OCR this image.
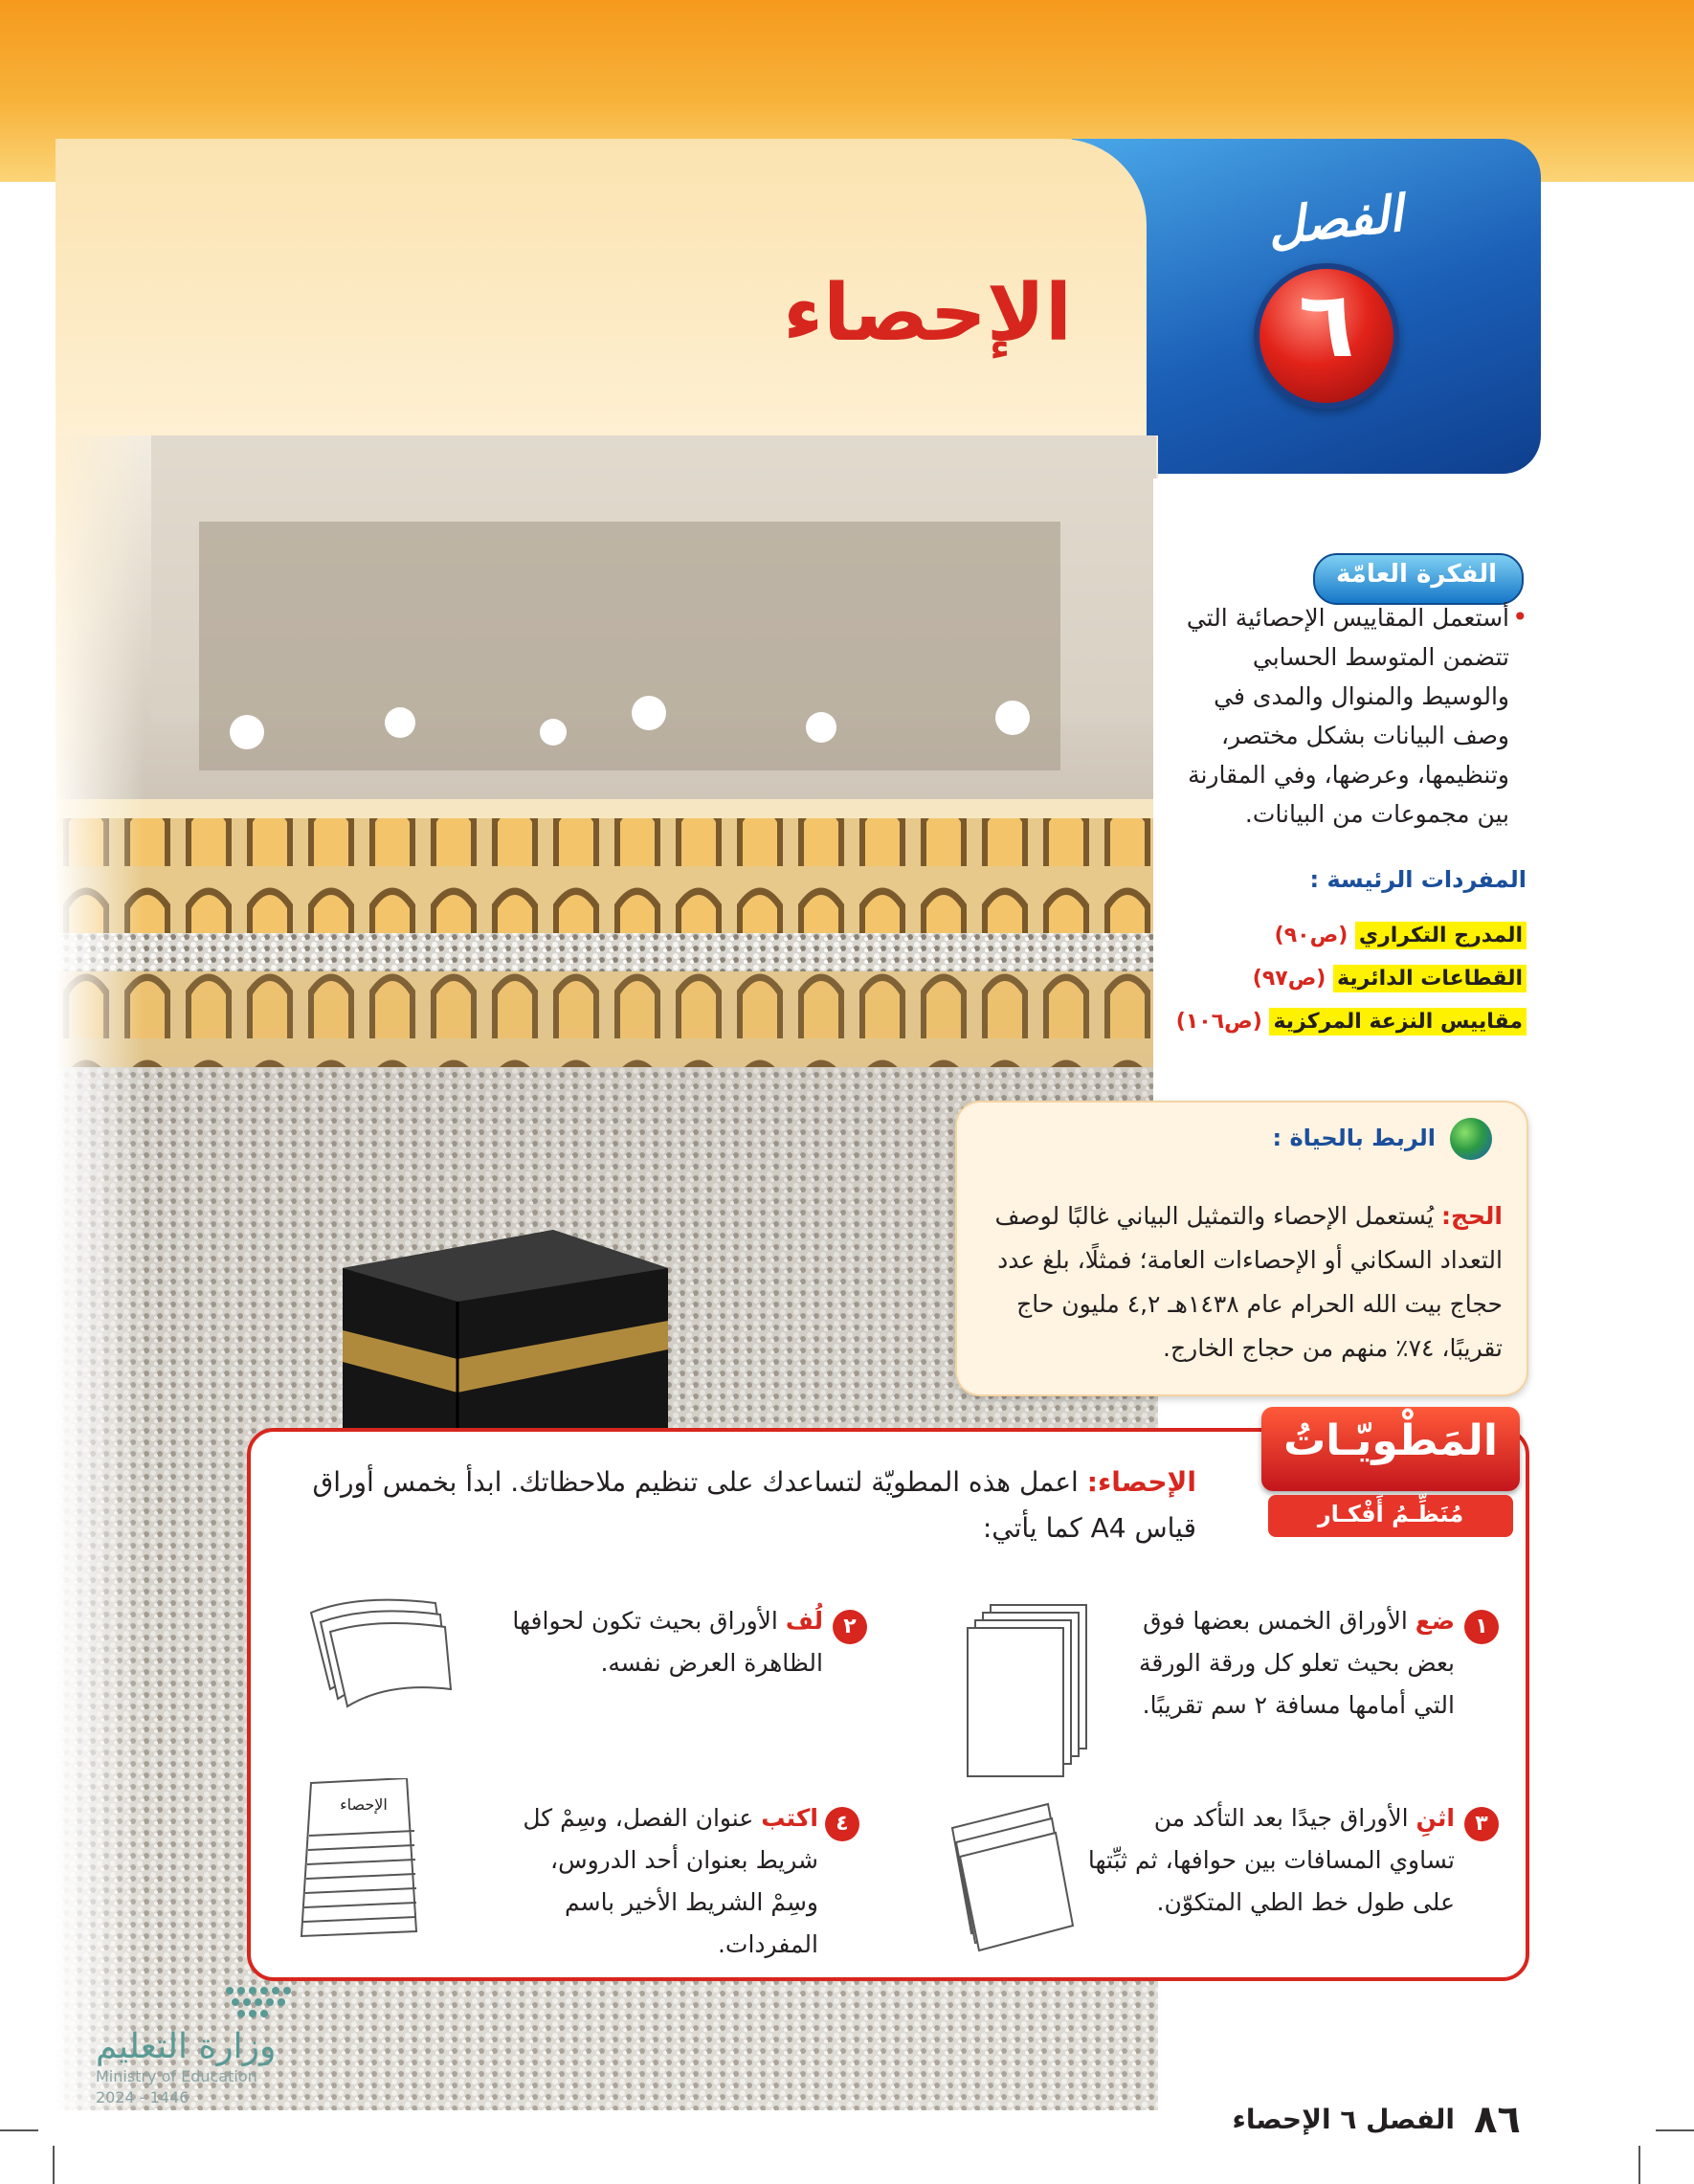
الفصل
٦
الإحصاء
الفكرة العامّة
•
أستعمل المقاييس الإحصائية التي تتضمن المتوسط الحسابي والوسيط والمنوال والمدى في وصف البيانات بشكل مختصر، وتنظيمها، وعرضها، وفي المقارنة بين مجموعات من البيانات.
المفردات الرئيسة :
المدرج التكراري (ص٩٠)
القطاعات الدائرية (ص٩٧)
مقاييس النزعة المركزية (ص١٠٦)
الربط بالحياة :
الحج: يُستعمل الإحصاء والتمثيل البياني غالبًا لوصف التعداد السكاني أو الإحصاءات العامة؛ فمثلًا، بلغ عدد حجاج بيت الله الحرام عام ١٤٣٨هـ ٤,٢ مليون حاج تقريبًا، ٧٤٪ منهم من حجاج الخارج.
المَطْويّـاتُ
مُنَظِّـمُ أَفْكـار
الإحصاء: اعمل هذه المطويّة لتساعدك على تنظيم ملاحظاتك. ابدأ بخمس أوراق قياس A4 كما يأتي:
١
ضع الأوراق الخمس بعضها فوق بعض بحيث تعلو كل ورقة الورقة التي أمامها مسافة ٢ سم تقريبًا.
٢
لُف الأوراق بحيث تكون لحوافها الظاهرة العرض نفسه.
٣
اثنِ الأوراق جيدًا بعد التأكد من تساوي المسافات بين حوافها، ثم ثبِّتها على طول خط الطي المتكوّن.
٤
اكتب عنوان الفصل، وسِمْ كل شريط بعنوان أحد الدروس، وسِمْ الشريط الأخير باسم المفردات.
الإحصاء
٨٦
الفصل ٦ الإحصاء
وزارة التعليم
Ministry of Education
2024 - 1446
